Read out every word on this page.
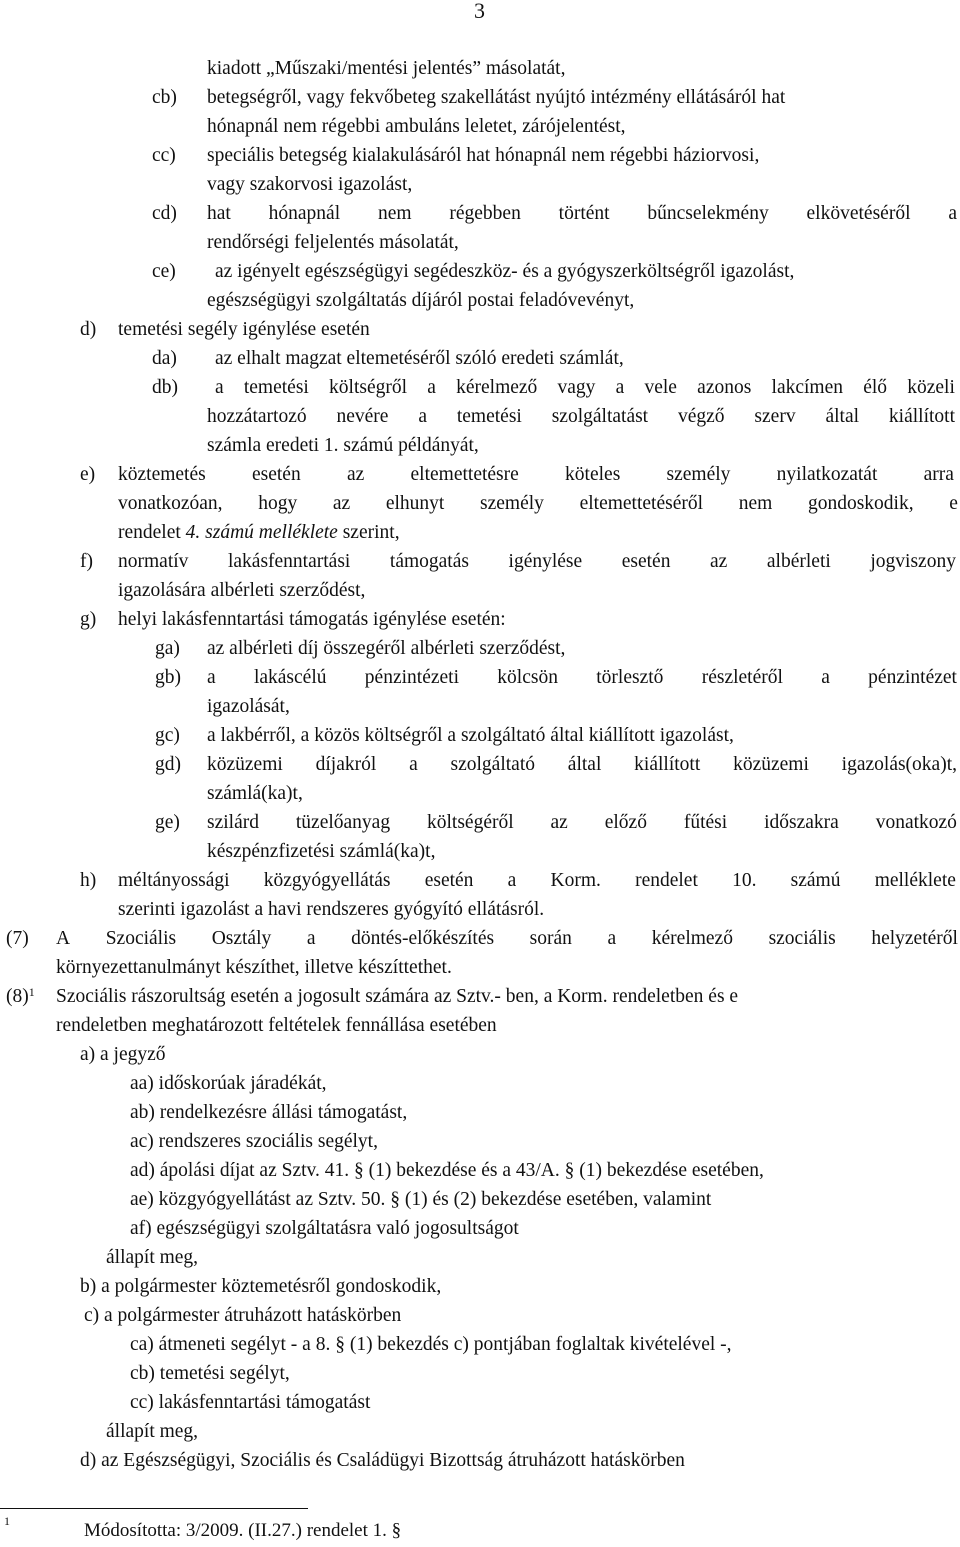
3
kiadott „Műszaki/mentési jelentés” másolatát,
cb) betegségről, vagy fekvőbeteg szakellátást nyújtó intézmény ellátásáról hat
hónapnál nem régebbi ambuláns leletet, zárójelentést,
cc) speciális betegség kialakulásáról hat hónapnál nem régebbi háziorvosi,
vagy szakorvosi igazolást,
cd) hat hónapnál nem régebben történt bűncselekmény elkövetéséről a
rendőrségi feljelentés másolatát,
ce) az igényelt egészségügyi segédeszköz- és a gyógyszerköltségről igazolást,
egészségügyi szolgáltatás díjáról postai feladóvevényt,
d) temetési segély igénylése esetén
da) az elhalt magzat eltemetéséről szóló eredeti számlát,
db) a temetési költségről a kérelmező vagy a vele azonos lakcímen élő közeli
hozzátartozó nevére a temetési szolgáltatást végző szerv által kiállított
számla eredeti 1. számú példányát,
e) köztemetés esetén az eltemettetésre köteles személy nyilatkozatát arra
vonatkozóan, hogy az elhunyt személy eltemettetéséről nem gondoskodik, e
rendelet 4. számú melléklete szerint,
f) normatív lakásfenntartási támogatás igénylése esetén az albérleti jogviszony
igazolására albérleti szerződést,
g) helyi lakásfenntartási támogatás igénylése esetén:
ga) az albérleti díj összegéről albérleti szerződést,
gb) a lakáscélú pénzintézeti kölcsön törlesztő részletéről a pénzintézet
igazolását,
gc) a lakbérről, a közös költségről a szolgáltató által kiállított igazolást,
gd) közüzemi díjakról a szolgáltató által kiállított közüzemi igazolás(oka)t,
számlá(ka)t,
ge) szilárd tüzelőanyag költségéről az előző fűtési időszakra vonatkozó
készpénzfizetési számlá(ka)t,
h) méltányossági közgyógyellátás esetén a Korm. rendelet 10. számú melléklete
szerinti igazolást a havi rendszeres gyógyító ellátásról.
(7) A Szociális Osztály a döntés-előkészítés során a kérelmező szociális helyzetéről
környezettanulmányt készíthet, illetve készíttethet.
$(8)^1$ Szociális rászorultság esetén a jogosult számára az Sztv.- ben, a Korm. rendeletben és e
rendeletben meghatározott feltételek fennállása esetében
a) a jegyző
aa) időskorúak járadékát,
ab) rendelkezésre állási támogatást,
ac) rendszeres szociális segélyt,
ad) ápolási díjat az Sztv. 41. § (1) bekezdése és a 43/A. § (1) bekezdése esetében,
ae) közgyógyellátást az Sztv. 50. § (1) és (2) bekezdése esetében, valamint
af) egészségügyi szolgáltatásra való jogosultságot
állapít meg,
b) a polgármester köztemetésről gondoskodik,
c) a polgármester átruházott hatáskörben
ca) átmeneti segélyt - a 8. § (1) bekezdés c) pontjában foglaltak kivételével -,
cb) temetési segélyt,
cc) lakásfenntartási támogatást
állapít meg,
d) az Egészségügyi, Szociális és Családügyi Bizottság átruházott hatáskörben
1	Módosította: 3/2009. (II.27.) rendelet 1. §
